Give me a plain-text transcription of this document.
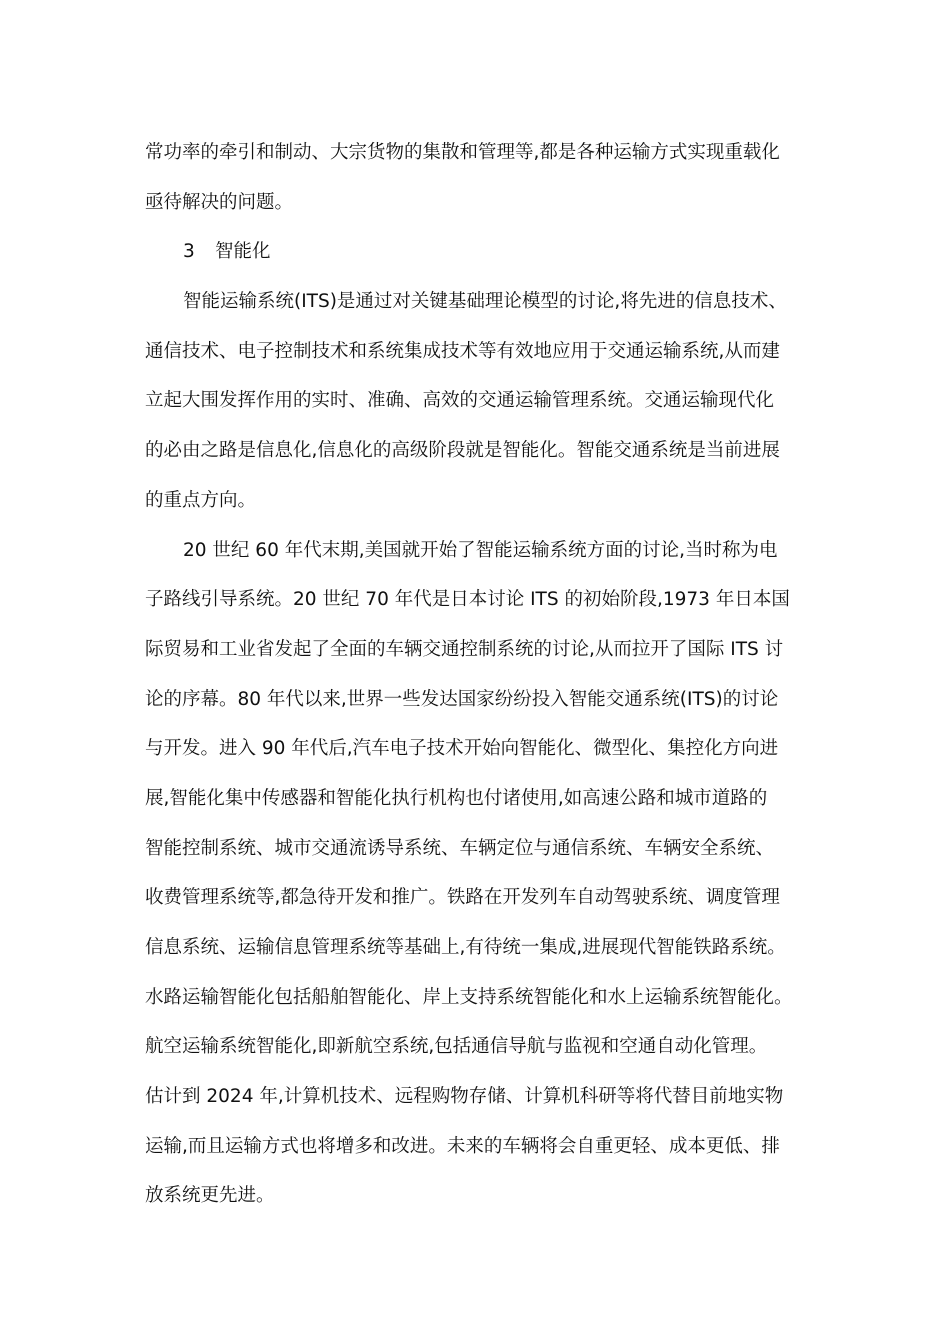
常功率的牵引和制动、大宗货物的集散和管理等,都是各种运输方式实现重载化
亟待解决的问题。
3 智能化
智能运输系统(ITS)是通过对关键基础理论模型的讨论,将先进的信息技术、
通信技术、电子控制技术和系统集成技术等有效地应用于交通运输系统,从而建
立起大围发挥作用的实时、准确、高效的交通运输管理系统。交通运输现代化
的必由之路是信息化,信息化的高级阶段就是智能化。智能交通系统是当前进展
的重点方向。
20 世纪 60 年代末期,美国就开始了智能运输系统方面的讨论,当时称为电
子路线引导系统。20 世纪 70 年代是日本讨论 ITS 的初始阶段,1973 年日本国
际贸易和工业省发起了全面的车辆交通控制系统的讨论,从而拉开了国际 ITS 讨
论的序幕。80 年代以来,世界一些发达国家纷纷投入智能交通系统(ITS)的讨论
与开发。进入 90 年代后,汽车电子技术开始向智能化、微型化、集控化方向进
展,智能化集中传感器和智能化执行机构也付诸使用,如高速公路和城市道路的
智能控制系统、城市交通流诱导系统、车辆定位与通信系统、车辆安全系统、
收费管理系统等,都急待开发和推广。铁路在开发列车自动驾驶系统、调度管理
信息系统、运输信息管理系统等基础上,有待统一集成,进展现代智能铁路系统。
水路运输智能化包括船舶智能化、岸上支持系统智能化和水上运输系统智能化。
航空运输系统智能化,即新航空系统,包括通信导航与监视和空通自动化管理。
估计到 2024 年,计算机技术、远程购物存储、计算机科研等将代替目前地实物
运输,而且运输方式也将增多和改进。未来的车辆将会自重更轻、成本更低、排
放系统更先进。
